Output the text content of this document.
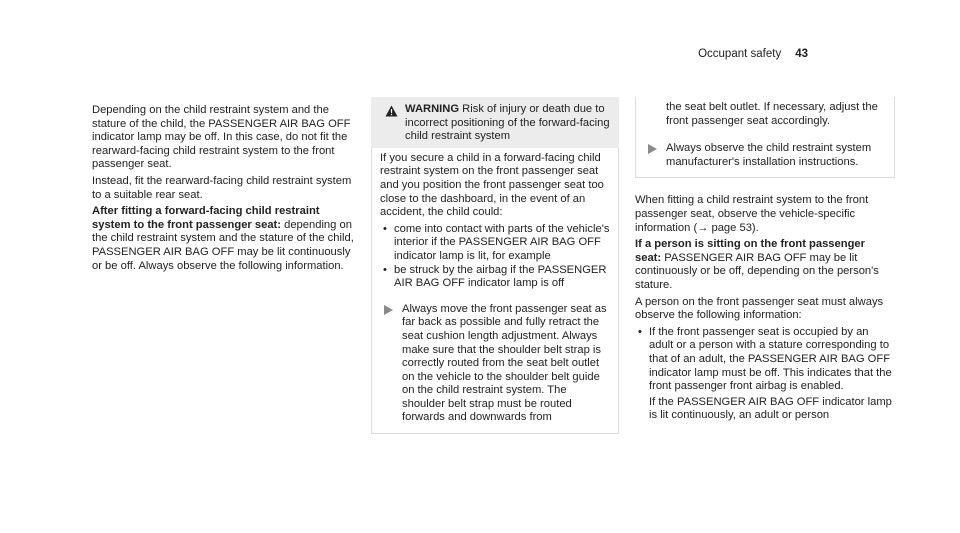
Occupant safety 43

Depending on the child restraint system and the stature of the child, the PASSENGER AIR BAG OFF indicator lamp may be off. In this case, do not fit the rearward-facing child restraint system to the front passenger seat.

Instead, fit the rearward-facing child restraint system to a suitable rear seat.

After fitting a forward-facing child restraint system to the front passenger seat: depending on the child restraint system and the stature of the child, PASSENGER AIR BAG OFF may be lit continuously or be off. Always observe the following information.

WARNING Risk of injury or death due to incorrect positioning of the forward-facing child restraint system

If you secure a child in a forward-facing child restraint system on the front passenger seat and you position the front passenger seat too close to the dashboard, in the event of an accident, the child could:

• come into contact with parts of the vehicle's interior if the PASSENGER AIR BAG OFF indicator lamp is lit, for example
• be struck by the airbag if the PASSENGER AIR BAG OFF indicator lamp is off
Always move the front passenger seat as far back as possible and fully retract the seat cushion length adjustment. Always make sure that the shoulder belt strap is correctly routed from the seat belt outlet on the vehicle to the shoulder belt guide on the child restraint system. The shoulder belt strap must be routed forwards and downwards from

the seat belt outlet. If necessary, adjust the front passenger seat accordingly.

Always observe the child restraint system manufacturer's installation instructions.

When fitting a child restraint system to the front passenger seat, observe the vehicle-specific information (→ page 53).

If a person is sitting on the front passenger seat: PASSENGER AIR BAG OFF may be lit continuously or be off, depending on the person's stature.

A person on the front passenger seat must always observe the following information:

• If the front passenger seat is occupied by an adult or a person with a stature corresponding to that of an adult, the PASSENGER AIR BAG OFF indicator lamp must be off. This indicates that the front passenger front airbag is enabled.
If the PASSENGER AIR BAG OFF indicator lamp is lit continuously, an adult or person
